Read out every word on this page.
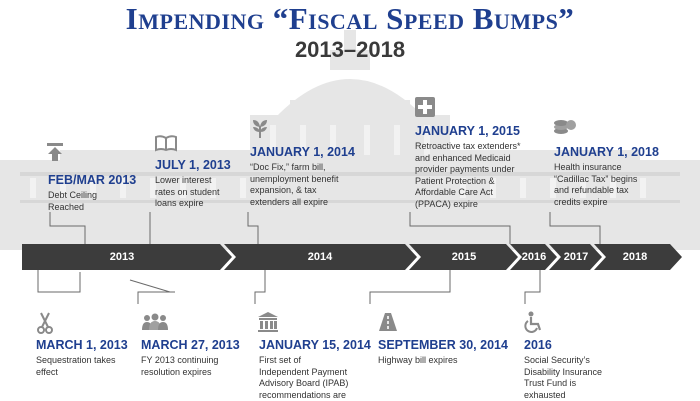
Impending “Fiscal Speed Bumps”
2013–2018
2013	2014	2015	2016	2017	2018
FEB/MAR 2013
Debt Ceiling
Reached
JULY 1, 2013
Lower interest
rates on student
loans expire
JANUARY 1, 2014
“Doc Fix,” farm bill,
unemployment benefit
expansion, & tax
extenders all expire
JANUARY 1, 2015
Retroactive tax extenders*
and enhanced Medicaid
provider payments under
Patient Protection &
Affordable Care Act
(PPACA) expire
JANUARY 1, 2018
Health insurance
“Cadillac Tax” begins
and refundable tax
credits expire
MARCH 1, 2013
Sequestration takes
effect
MARCH 27, 2013
FY 2013 continuing
resolution expires
JANUARY 15, 2014
First set of
Independent Payment
Advisory Board (IPAB)
recommendations are
SEPTEMBER 30, 2014
Highway bill expires
2016
Social Security’s
Disability Insurance
Trust Fund is
exhausted
